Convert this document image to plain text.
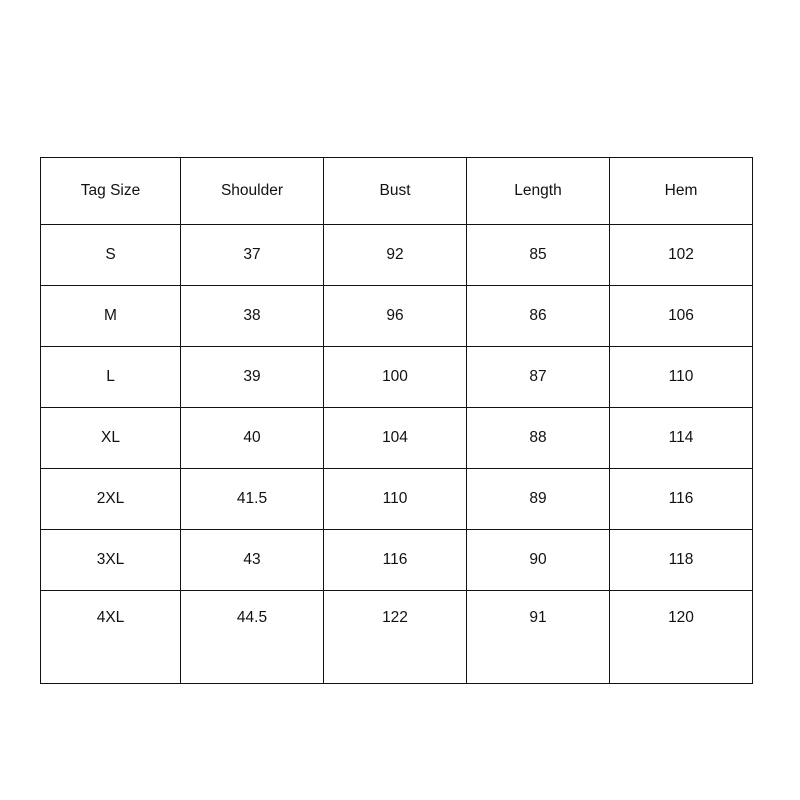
Tag Size	Shoulder	Bust	Length	Hem
S	37	92	85	102
M	38	96	86	106
L	39	100	87	110
XL	40	104	88	114
2XL	41.5	110	89	116
3XL	43	116	90	118
4XL	44.5	122	91	120
